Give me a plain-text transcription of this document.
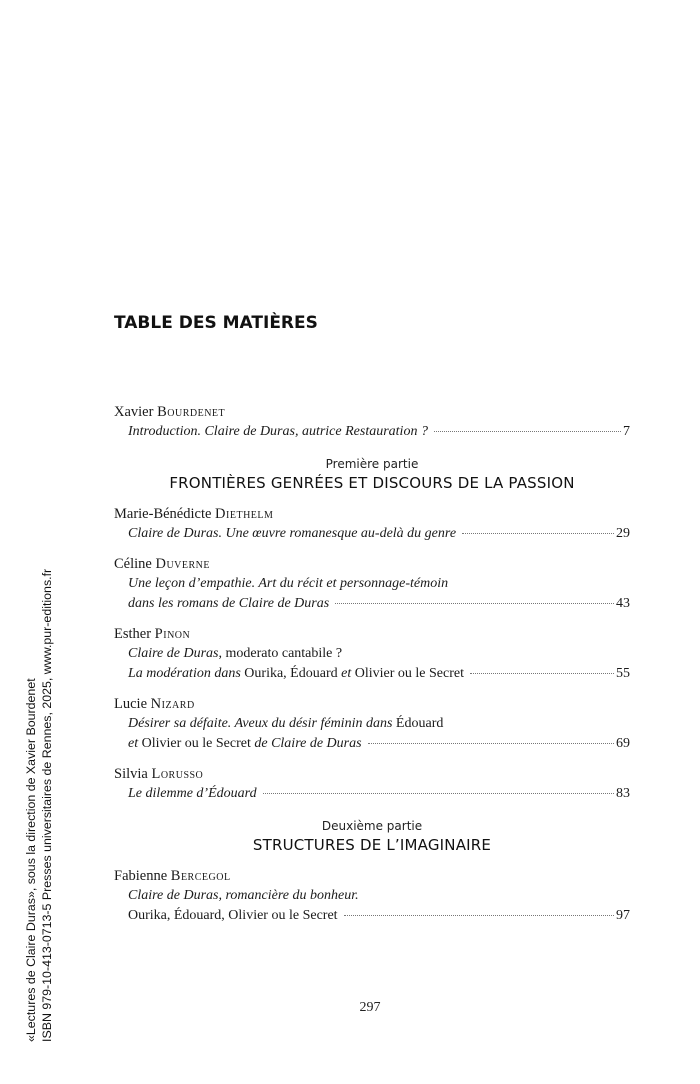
«Lectures de Claire Duras», sous la direction de Xavier Bourdenet ISBN 979-10-413-0713-5 Presses universitaires de Rennes, 2025, www.pur-editions.fr
TABLE DES MATIÈRES
Xavier Bourdenet
Introduction. Claire de Duras, autrice Restauration ?	7
Première partie
FRONTIÈRES GENRÉES ET DISCOURS DE LA PASSION
Marie-Bénédicte Diethelm
Claire de Duras. Une œuvre romanesque au-delà du genre	29
Céline Duverne
Une leçon d’empathie. Art du récit et personnage-témoin
dans les romans de Claire de Duras	43
Esther Pinon
Claire de Duras, moderato cantabile ?
La modération dans Ourika, Édouard et Olivier ou le Secret	55
Lucie Nizard
Désirer sa défaite. Aveux du désir féminin dans Édouard
et Olivier ou le Secret de Claire de Duras	69
Silvia Lorusso
Le dilemme d’Édouard	83
Deuxième partie
STRUCTURES DE L’IMAGINAIRE
Fabienne Bercegol
Claire de Duras, romancière du bonheur.
Ourika, Édouard, Olivier ou le Secret	97
297
